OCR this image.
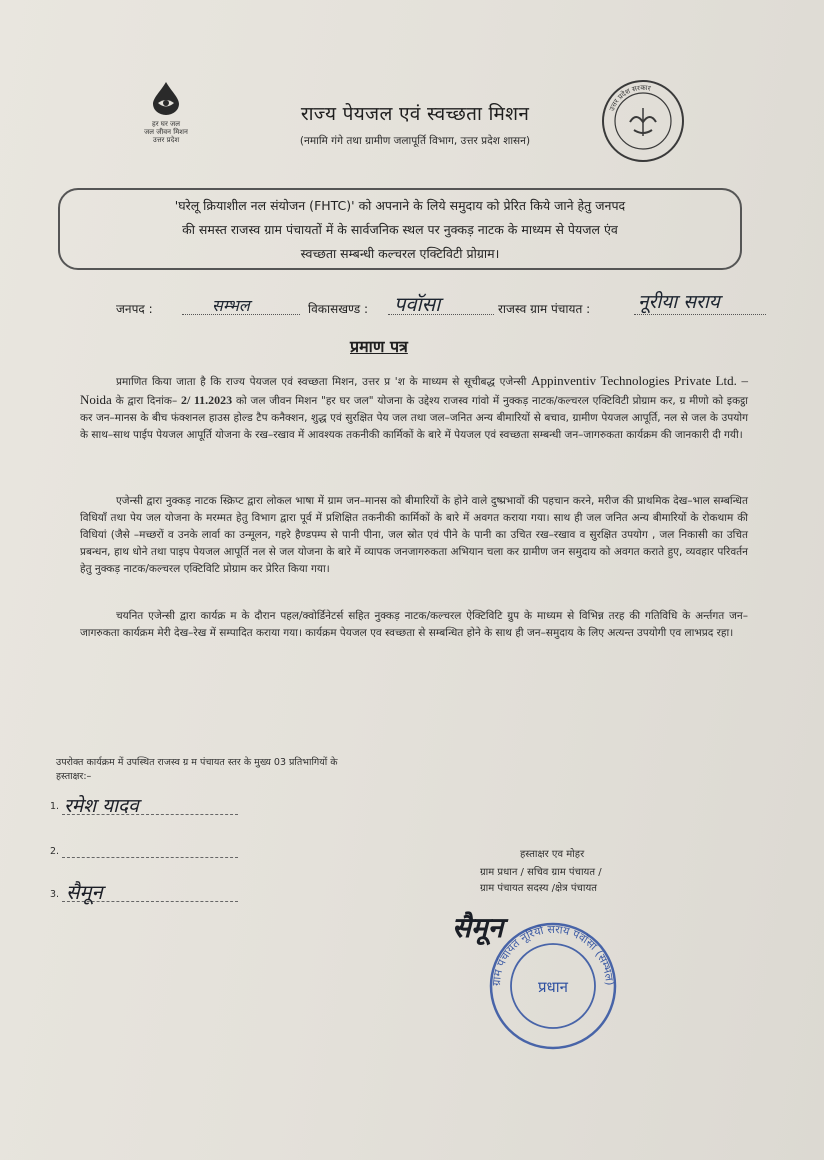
हर घर जल
जल जीवन मिशन
उत्तर प्रदेश
राज्य पेयजल एवं स्वच्छता मिशन
(नमामि गंगे तथा ग्रामीण जलापूर्ति विभाग, उत्तर प्रदेश शासन)
उत्तर प्रदेश सरकार
'घरेलू क्रियाशील नल संयोजन (FHTC)' को अपनाने के लिये समुदाय को प्रेरित किये जाने हेतु जनपद
की समस्त राजस्व ग्राम पंचायतों में के सार्वजनिक स्थल पर नुक्कड़ नाटक के माध्यम से पेयजल एंव
स्वच्छता सम्बन्धी कल्चरल एक्टिविटी प्रोग्राम।
जनपद :	सम्भल	विकासखण्ड : पवॉसा	राजस्व ग्राम पंचायत :	नूरीया सराय
प्रमाण पत्र
प्रमाणित किया जाता है कि राज्य पेयजल एवं स्वच्छता मिशन, उत्तर प्र 'श के माध्यम से सूचीबद्ध एजेन्सी Appinventiv Technologies Private Ltd. – Noida के द्वारा दिनांक– 2/ 11.2023 को जल जीवन मिशन "हर घर जल" योजना के उद्देश्य राजस्व गांवो में नुक्कड़ नाटक/कल्चरल एक्टिविटी प्रोग्राम कर, ग्र मीणो को इकट्ठा कर जन–मानस के बीच फंक्शनल हाउस होल्ड टैप कनैक्शन, शुद्ध एवं सुरक्षित पेय जल तथा जल–जनित अन्य बीमारियों से बचाव, ग्रामीण पेयजल आपूर्ति, नल से जल के उपयोग के साथ–साथ पाईप पेयजल आपूर्ति योजना के रख–रखाव में आवश्यक तकनीकी कार्मिकों के बारे में पेयजल एवं स्वच्छता सम्बन्धी जन–जागरुकता कार्यक्रम की जानकारी दी गयी।
एजेन्सी द्वारा नुक्कड़ नाटक स्क्रिप्ट द्वारा लोकल भाषा में ग्राम जन–मानस को बीमारियों के होने वाले दुष्प्रभावों की पहचान करने, मरीज की प्राथमिक देख–भाल सम्बन्धित विधियाँ तथा पेय जल योजना के मरम्मत हेतु विभाग द्वारा पूर्व में प्रशिक्षित तकनीकी कार्मिकों के बारे में अवगत कराया गया। साथ ही जल जनित अन्य बीमारियों के रोकथाम की विधियां (जैसे –मच्छरों व उनके लार्वा का उन्मूलन, गहरे हैण्डपम्प से पानी पीना, जल स्रोत एवं पीने के पानी का उचित रख–रखाव व सुरक्षित उपयोग , जल निकासी का उचित प्रबन्धन, हाथ धोने तथा पाइप पेयजल आपूर्ति नल से जल योजना के बारे में व्यापक जनजागरुकता अभियान चला कर ग्रामीण जन समुदाय को अवगत कराते हुए, व्यवहार परिवर्तन हेतु नुक्कड़ नाटक/कल्चरल एक्टिविटि प्रोग्राम कर प्रेरित किया गया।
चयनित एजेन्सी द्वारा कार्यक्र म के दौरान पहल/क्वोर्डिनेटर्स सहित नुक्कड़ नाटक/कल्चरल ऐक्टिविटि ग्रुप के माध्यम से विभिन्न तरह की गतिविधि के अर्न्तगत जन–जागरुकता कार्यक्रम मेरी देख–रेख में सम्पादित कराया गया। कार्यक्रम पेयजल एव स्वच्छता से सम्बन्धित होने के साथ ही जन–समुदाय के लिए अत्यन्त उपयोगी एव लाभप्रद रहा।
उपरोक्त कार्यक्रम में उपस्थित राजस्व ग्र म पंचायत स्तर के मुख्य 03 प्रतिभागियों के
हस्ताक्षर:–
1. रमेश यादव
2.
3. सैमून
हस्ताक्षर एव मोहर
ग्राम प्रधान / सचिव ग्राम पंचायत /
ग्राम पंचायत सदस्य /क्षेत्र पंचायत
ग्राम पंचायत नूरियो सराय पवॉसा (सम्भल)
प्रधान
सैमून
